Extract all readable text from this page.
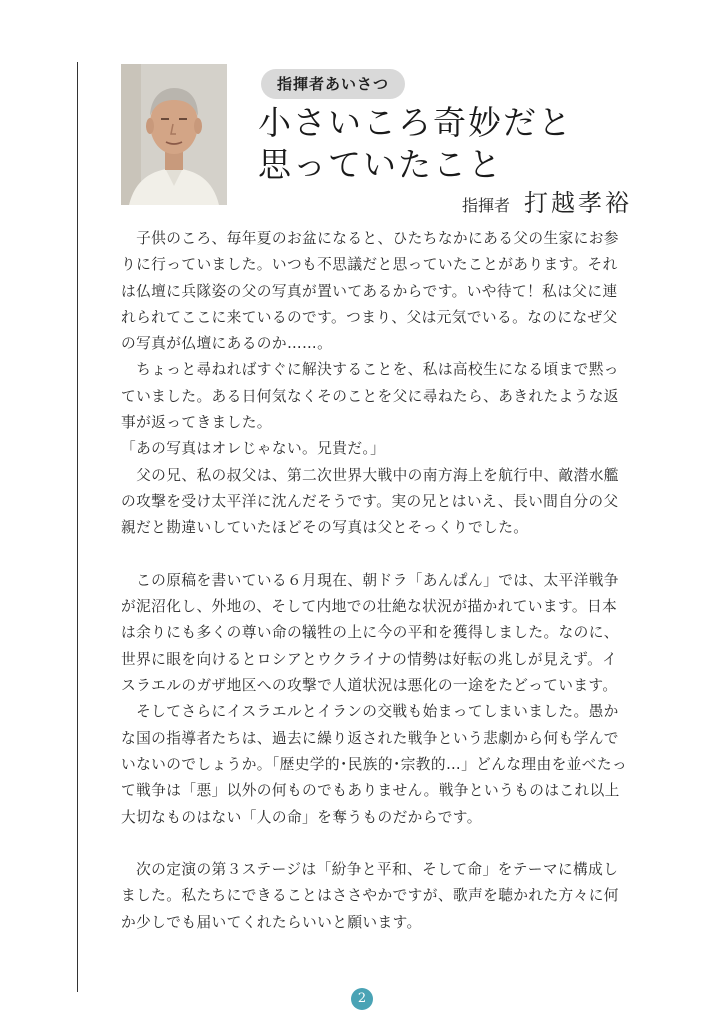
指揮者あいさつ
小さいころ奇妙だと
思っていたこと
指揮者 打越孝裕
　子供のころ、毎年夏のお盆になると、ひたちなかにある父の生家にお参
りに行っていました。いつも不思議だと思っていたことがあります。それ
は仏壇に兵隊姿の父の写真が置いてあるからです。いや待て！私は父に連
れられてここに来ているのです。つまり、父は元気でいる。なのになぜ父
の写真が仏壇にあるのか……。
　ちょっと尋ねればすぐに解決することを、私は高校生になる頃まで黙っ
ていました。ある日何気なくそのことを父に尋ねたら、あきれたような返
事が返ってきました。
「あの写真はオレじゃない。兄貴だ。」
　父の兄、私の叔父は、第二次世界大戦中の南方海上を航行中、敵潜水艦
の攻撃を受け太平洋に沈んだそうです。実の兄とはいえ、長い間自分の父
親だと勘違いしていたほどその写真は父とそっくりでした。
　この原稿を書いている６月現在、朝ドラ「あんぱん」では、太平洋戦争
が泥沼化し、外地の、そして内地での壮絶な状況が描かれています。日本
は余りにも多くの尊い命の犠牲の上に今の平和を獲得しました。なのに、
世界に眼を向けるとロシアとウクライナの情勢は好転の兆しが見えず。イ
スラエルのガザ地区への攻撃で人道状況は悪化の一途をたどっています。
　そしてさらにイスラエルとイランの交戦も始まってしまいました。愚か
な国の指導者たちは、過去に繰り返された戦争という悲劇から何も学んで
いないのでしょうか。「歴史学的･民族的･宗教的…」どんな理由を並べたっ
て戦争は「悪」以外の何ものでもありません。戦争というものはこれ以上
大切なものはない「人の命」を奪うものだからです。
　次の定演の第３ステージは「紛争と平和、そして命」をテーマに構成し
ました。私たちにできることはささやかですが、歌声を聴かれた方々に何
か少しでも届いてくれたらいいと願います。
2
